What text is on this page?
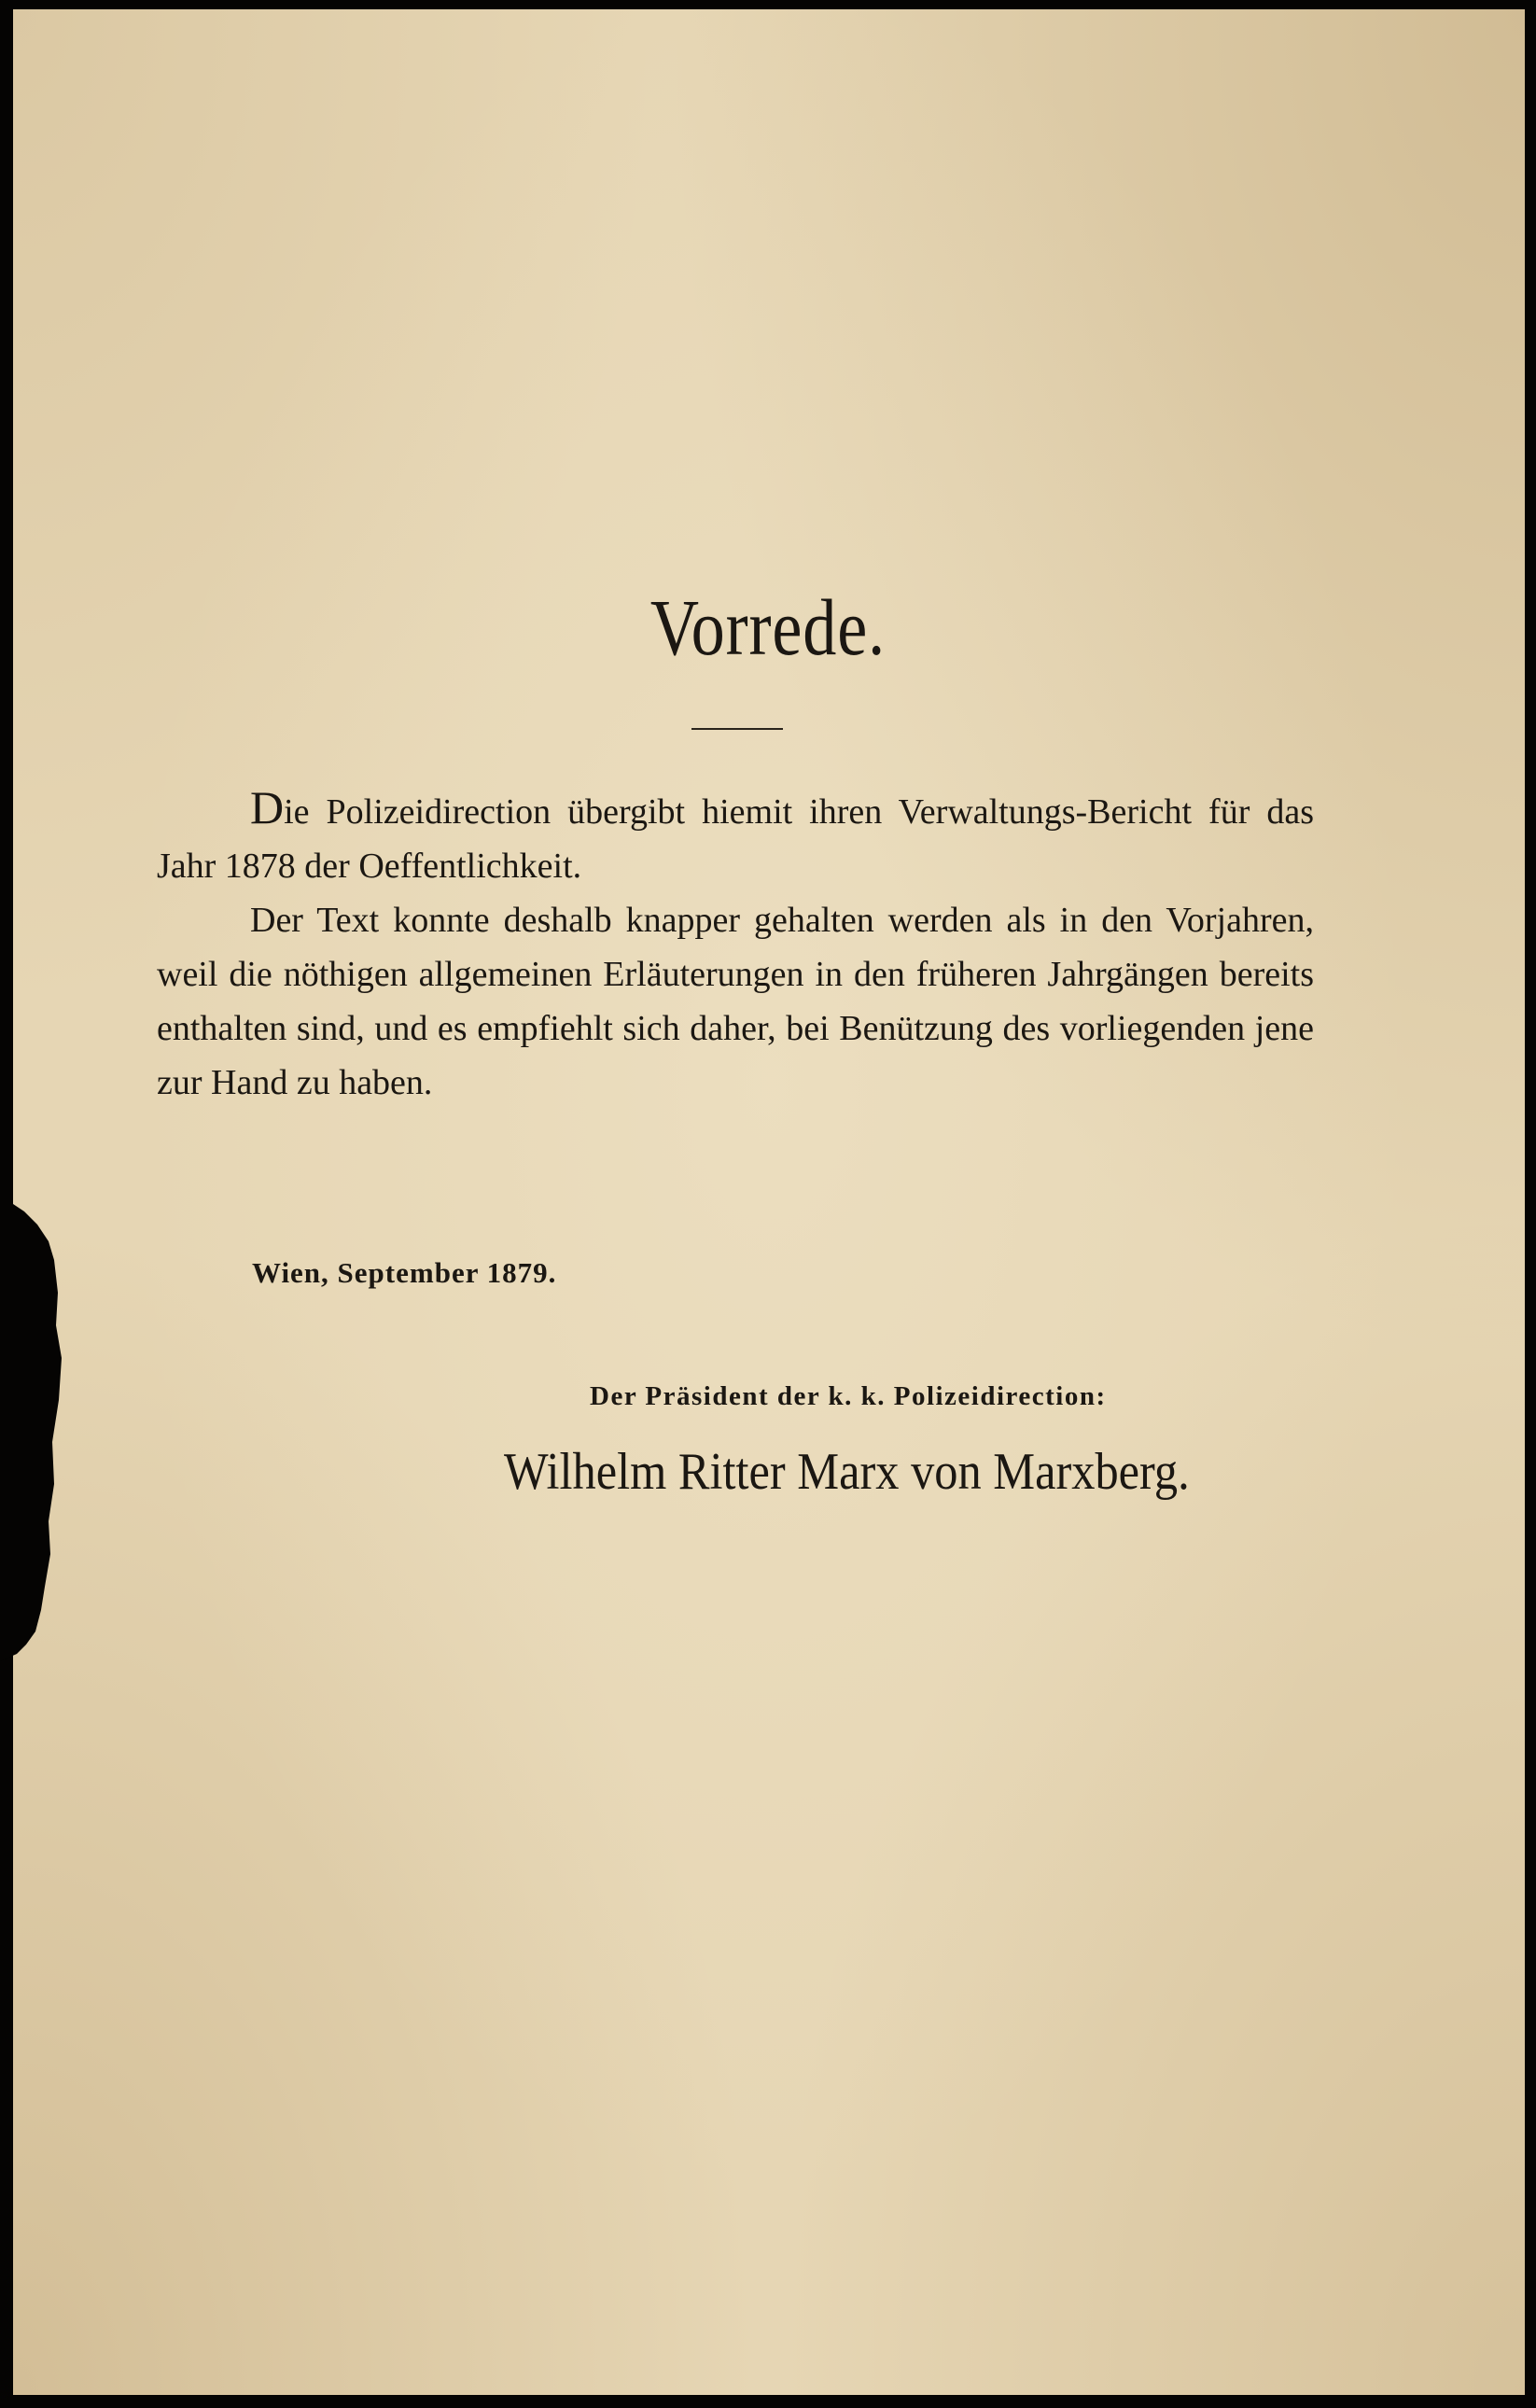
Vorrede.

Die Polizeidirection übergibt hiemit ihren Verwaltungs-Bericht für das Jahr 1878 der Oeffentlichkeit.

Der Text konnte deshalb knapper gehalten werden als in den Vorjahren, weil die nöthigen allgemeinen Erläuterungen in den früheren Jahrgängen bereits enthalten sind, und es empfiehlt sich daher, bei Benützung des vorliegenden jene zur Hand zu haben.

Wien, September 1879.
Der Präsident der k. k. Polizeidirection:
Wilhelm Ritter Marx von Marxberg.
